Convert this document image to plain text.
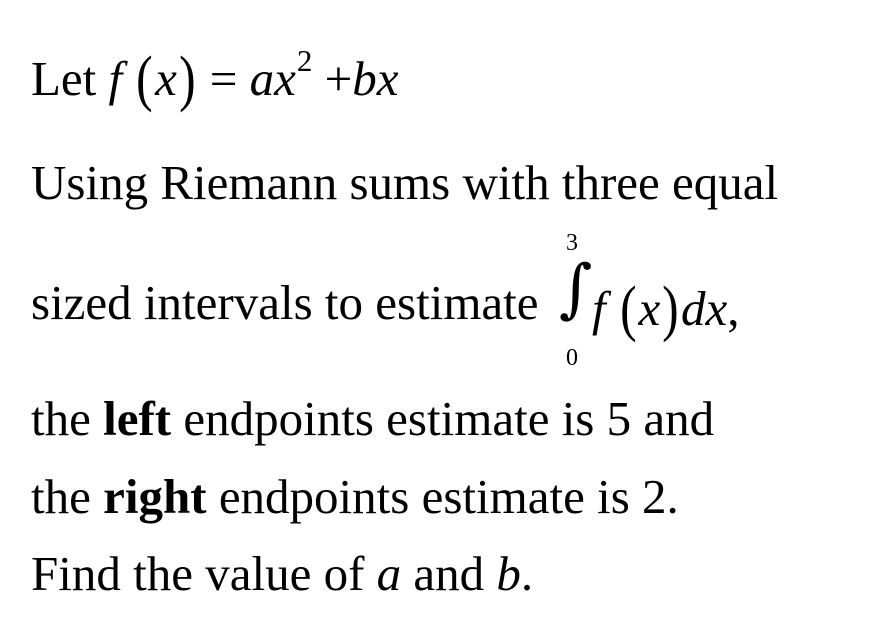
Let f $(x) = ax^2 +bx$
Using Riemann sums with three equal
sized intervals to estimate
3
∫
0
f (x)dx,
the left endpoints estimate is 5 and
the right endpoints estimate is 2.
Find the value of a and b.
